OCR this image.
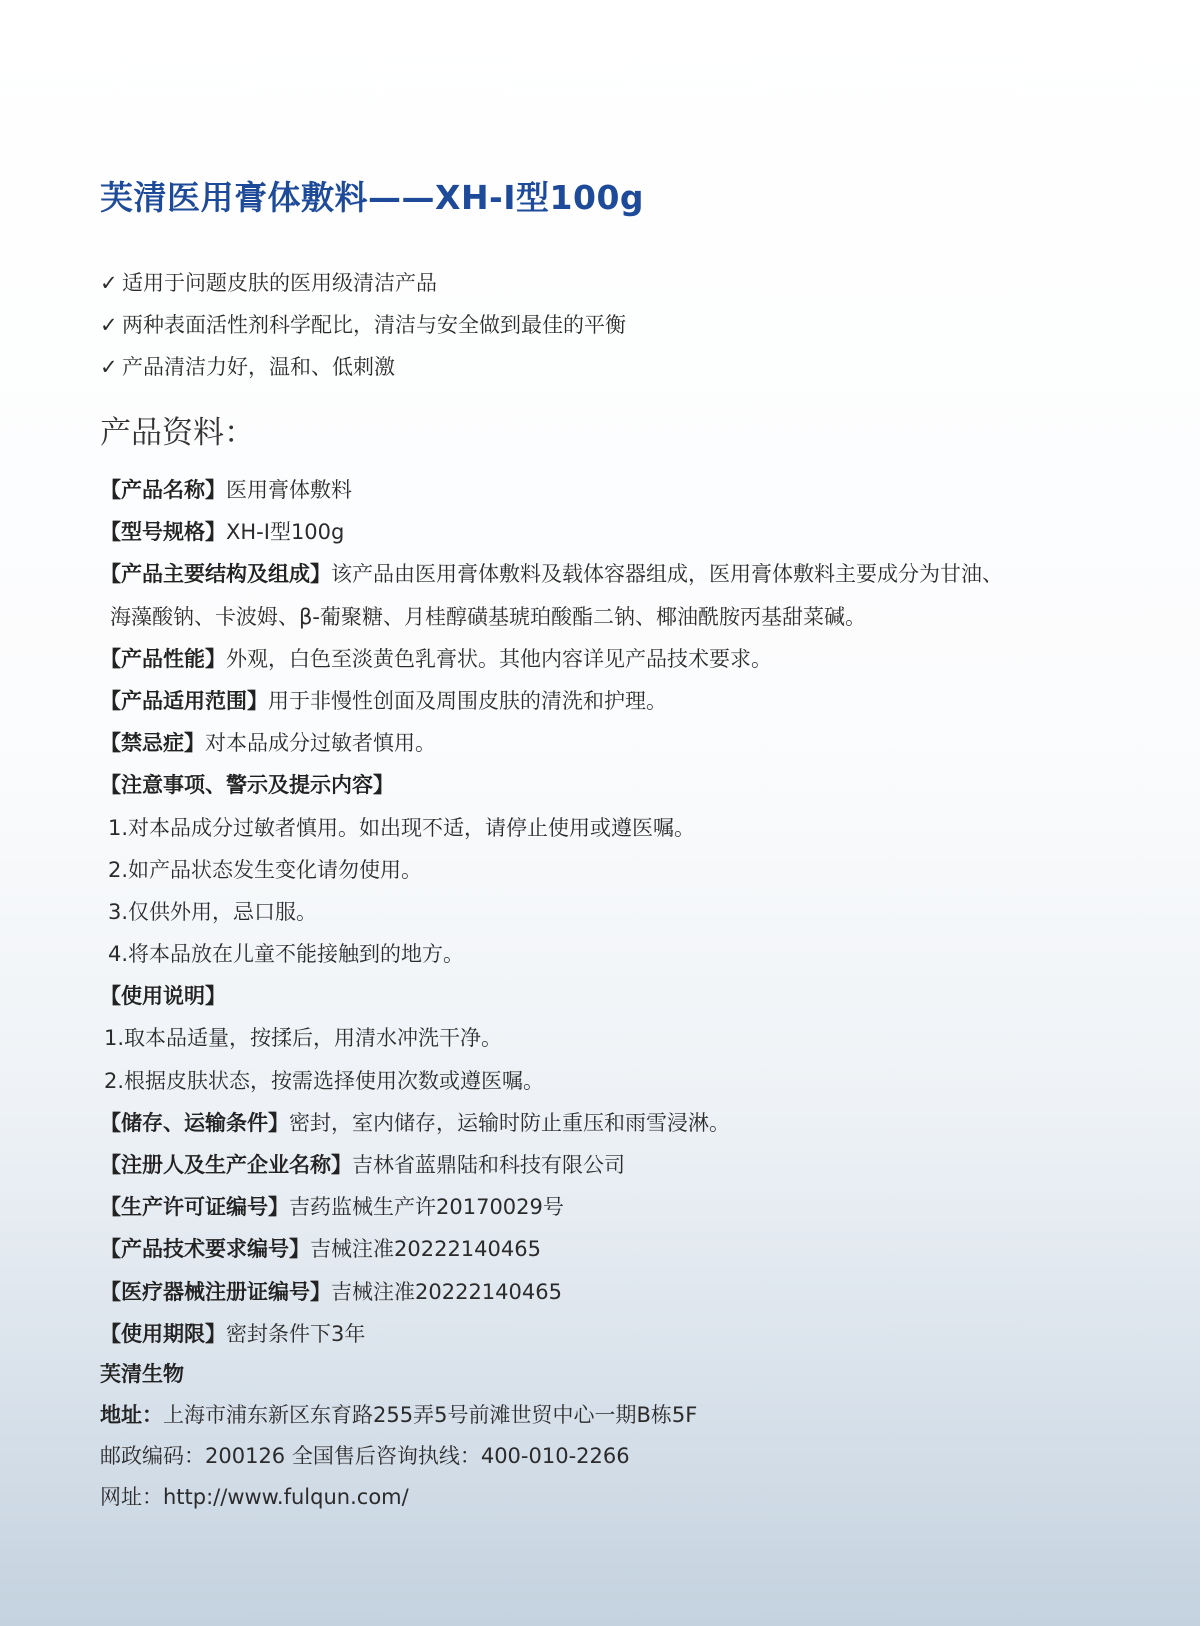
芙清医用膏体敷料——XH-Ⅰ型100g
✓ 适用于问题皮肤的医用级清洁产品
✓ 两种表面活性剂科学配比，清洁与安全做到最佳的平衡
✓ 产品清洁力好，温和、低刺激
产品资料：
【产品名称】医用膏体敷料
【型号规格】XH-I型100g
【产品主要结构及组成】该产品由医用膏体敷料及载体容器组成，医用膏体敷料主要成分为甘油、
海藻酸钠、卡波姆、β-葡聚糖、月桂醇磺基琥珀酸酯二钠、椰油酰胺丙基甜菜碱。
【产品性能】外观，白色至淡黄色乳膏状。其他内容详见产品技术要求。
【产品适用范围】用于非慢性创面及周围皮肤的清洗和护理。
【禁忌症】对本品成分过敏者慎用。
【注意事项、警示及提示内容】
1.对本品成分过敏者慎用。如出现不适，请停止使用或遵医嘱。
2.如产品状态发生变化请勿使用。
3.仅供外用，忌口服。
4.将本品放在儿童不能接触到的地方。
【使用说明】
1.取本品适量，按揉后，用清水冲洗干净。
2.根据皮肤状态，按需选择使用次数或遵医嘱。
【储存、运输条件】密封，室内储存，运输时防止重压和雨雪浸淋。
【注册人及生产企业名称】吉林省蓝鼎陆和科技有限公司
【生产许可证编号】吉药监械生产许20170029号
【产品技术要求编号】吉械注准20222140465
【医疗器械注册证编号】吉械注准20222140465
【使用期限】密封条件下3年
芙清生物
地址：上海市浦东新区东育路255弄5号前滩世贸中心一期B栋5F
邮政编码：200126 全国售后咨询执线：400-010-2266
网址：http://www.fulqun.com/
